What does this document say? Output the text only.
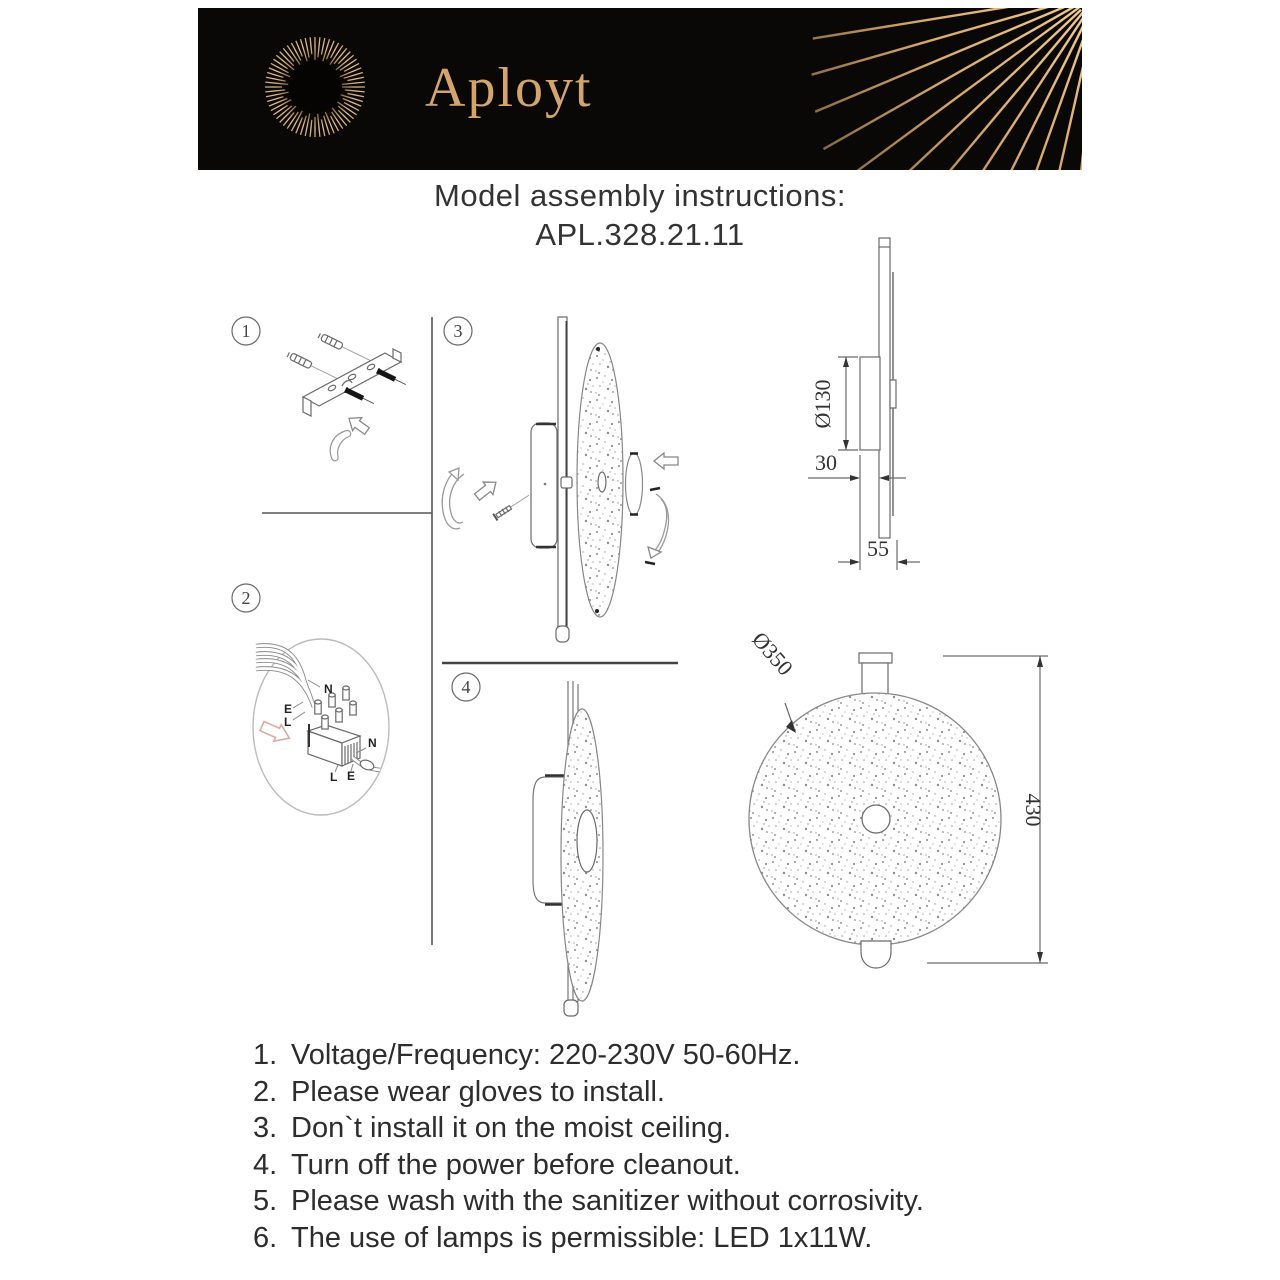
Aployt
Model assembly instructions:
APL.328.21.11
1
2
N
E
L
N
L E
3
4
Ø130
30
55
Ø350
430
1. Voltage/Frequency: 220-230V 50-60Hz.
2. Please wear gloves to install.
3. Don`t install it on the moist ceiling.
4. Turn off the power before cleanout.
5. Please wash with the sanitizer without corrosivity.
6. The use of lamps is permissible: LED 1x11W.
